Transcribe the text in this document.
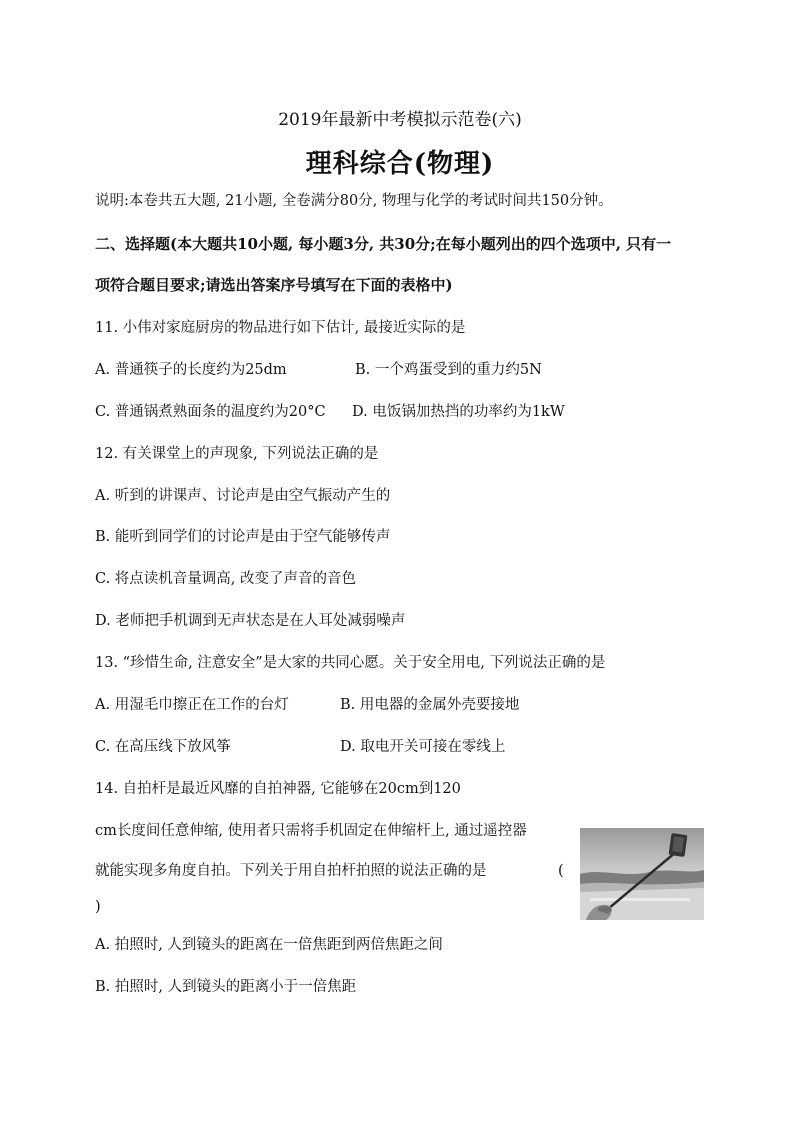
2019年最新中考模拟示范卷(六)
理科综合(物理)
说明:本卷共五大题, 21小题, 全卷满分80分, 物理与化学的考试时间共150分钟。
二、选择题(本大题共10小题, 每小题3分, 共30分;在每小题列出的四个选项中, 只有一
项符合题目要求;请选出答案序号填写在下面的表格中)
11. 小伟对家庭厨房的物品进行如下估计, 最接近实际的是
A. 普通筷子的长度约为25dm	B. 一个鸡蛋受到的重力约5N
C. 普通锅煮熟面条的温度约为20°C D. 电饭锅加热挡的功率约为1kW
12. 有关课堂上的声现象, 下列说法正确的是
A. 听到的讲课声、讨论声是由空气振动产生的
B. 能听到同学们的讨论声是由于空气能够传声
C. 将点读机音量调高, 改变了声音的音色
D. 老师把手机调到无声状态是在人耳处减弱噪声
13. “珍惜生命, 注意安全”是大家的共同心愿。关于安全用电, 下列说法正确的是
A. 用湿毛巾擦正在工作的台灯	B. 用电器的金属外壳要接地
C. 在高压线下放风筝	D. 取电开关可接在零线上
14. 自拍杆是最近风靡的自拍神器, 它能够在20cm到120
cm长度间任意伸缩, 使用者只需将手机固定在伸缩杆上, 通过遥控器
就能实现多角度自拍。下列关于用自拍杆拍照的说法正确的是	(
)
A. 拍照时, 人到镜头的距离在一倍焦距到两倍焦距之间
B. 拍照时, 人到镜头的距离小于一倍焦距
